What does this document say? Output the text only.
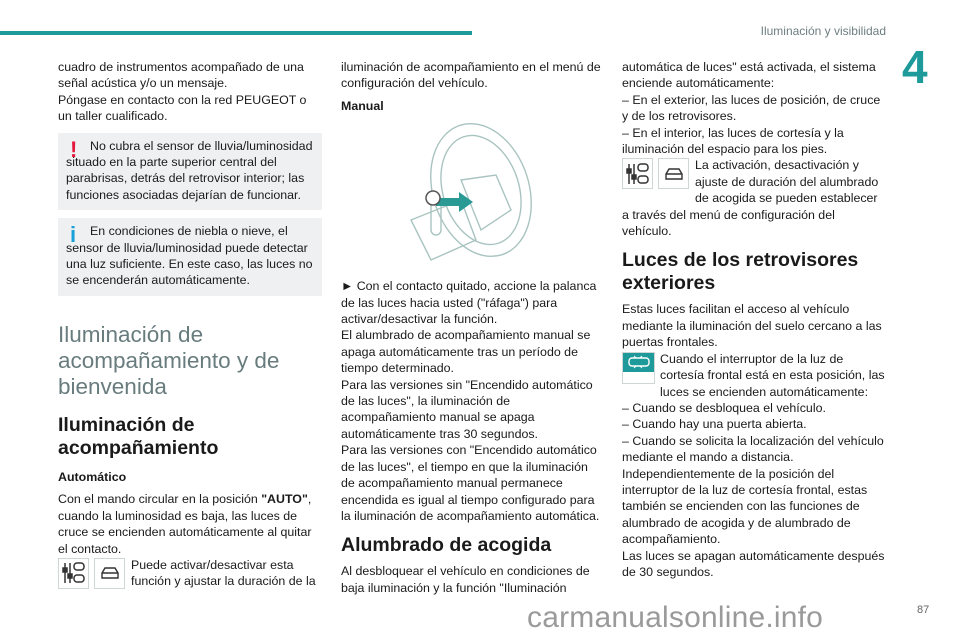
Iluminación y visibilidad
4

cuadro de instrumentos acompañado de una señal acústica y/o un mensaje.

Póngase en contacto con la red PEUGEOT o un taller cualificado.

! No cubra el sensor de lluvia/luminosidad situado en la parte superior central del parabrisas, detrás del retrovisor interior; las funciones asociadas dejarían de funcionar.
i En condiciones de niebla o nieve, el sensor de lluvia/luminosidad puede detectar una luz suficiente. En este caso, las luces no se encenderán automáticamente.
Iluminación de acompañamiento y de bienvenida
Iluminación de acompañamiento
Automático

Con el mando circular en la posición "AUTO", cuando la luminosidad es baja, las luces de cruce se encienden automáticamente al quitar el contacto.

Puede activar/desactivar esta función y ajustar la duración de la

iluminación de acompañamiento en el menú de configuración del vehículo.

Manual

► Con el contacto quitado, accione la palanca de las luces hacia usted ("ráfaga") para activar/desactivar la función.

El alumbrado de acompañamiento manual se apaga automáticamente tras un período de tiempo determinado.

Para las versiones sin "Encendido automático de las luces", la iluminación de acompañamiento manual se apaga automáticamente tras 30 segundos.

Para las versiones con "Encendido automático de las luces", el tiempo en que la iluminación de acompañamiento manual permanece encendida es igual al tiempo configurado para la iluminación de acompañamiento automática.

Alumbrado de acogida

Al desbloquear el vehículo en condiciones de baja iluminación y la función "Iluminación

automática de luces" está activada, el sistema enciende automáticamente:

– En el exterior, las luces de posición, de cruce y de los retrovisores.

– En el interior, las luces de cortesía y la iluminación del espacio para los pies.

La activación, desactivación y ajuste de duración del alumbrado de acogida se pueden establecer a través del menú de configuración del vehículo.

Luces de los retrovisores exteriores

Estas luces facilitan el acceso al vehículo mediante la iluminación del suelo cercano a las puertas frontales.

Cuando el interruptor de la luz de cortesía frontal está en esta posición, las luces se encienden automáticamente:

– Cuando se desbloquea el vehículo.

– Cuando hay una puerta abierta.

– Cuando se solicita la localización del vehículo mediante el mando a distancia.

Independientemente de la posición del interruptor de la luz de cortesía frontal, estas también se encienden con las funciones de alumbrado de acogida y de alumbrado de acompañamiento.

Las luces se apagan automáticamente después de 30 segundos.

87
carmanualsonline.info
